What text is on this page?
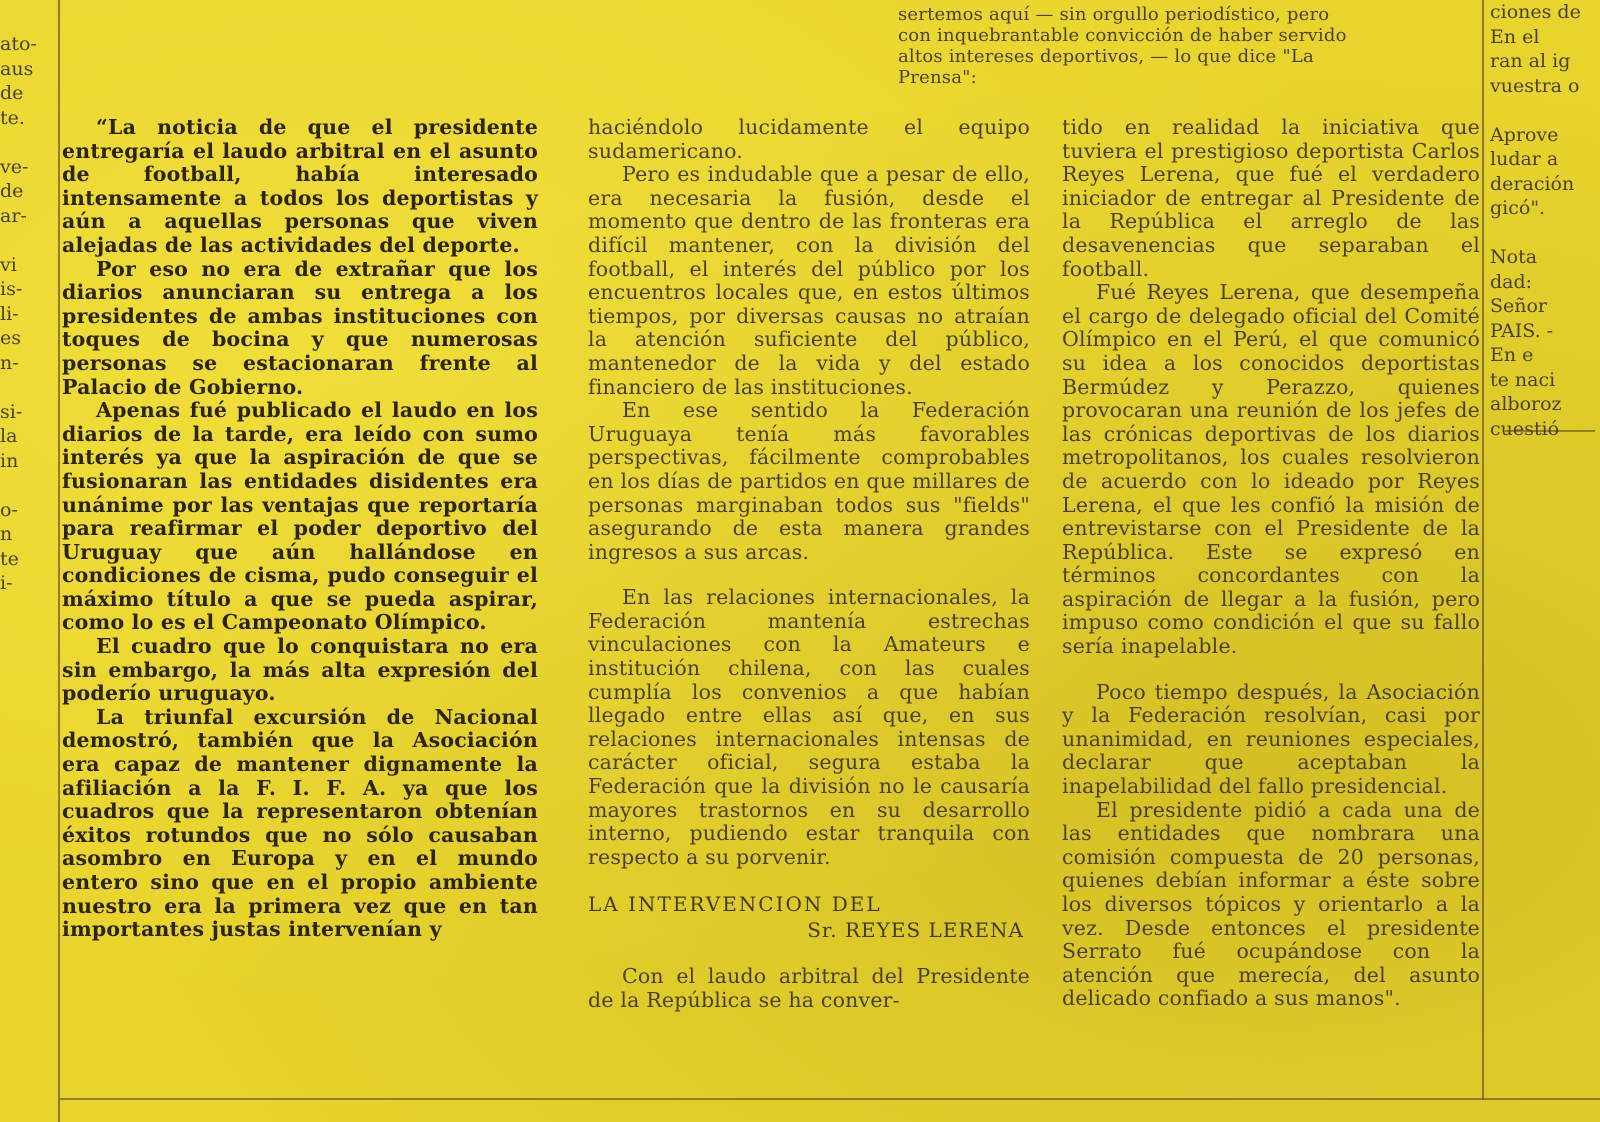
ato-
aus
de
te.
ve-
de
ar-
vi
is-
li-
es
n-
si-
la
in
o-
n
te
i-
ciones de
En el
ran al ig
vuestra o
Aprove
ludar a
deración
gicó".
Nota
dad:
Señor
PAIS. -
En e
te naci
alboroz
cuestió

sertemos aquí — sin orgullo periodístico, pero

con inquebrantable convicción de haber servido

altos intereses deportivos, — lo que dice "La

Prensa":

“La noticia de que el presidente entregaría el laudo arbitral en el asunto de football, había interesado intensamente a todos los deportistas y aún a aquellas personas que viven alejadas de las actividades del deporte.

Por eso no era de extrañar que los diarios anunciaran su entrega a los presidentes de ambas instituciones con toques de bocina y que numerosas personas se estacionaran frente al Palacio de Gobierno.

Apenas fué publicado el laudo en los diarios de la tarde, era leído con sumo interés ya que la aspiración de que se fusionaran las entidades disidentes era unánime por las ventajas que reportaría para reafirmar el poder deportivo del Uruguay que aún hallándose en condiciones de cisma, pudo conseguir el máximo título a que se pueda aspirar, como lo es el Campeonato Olímpico.

El cuadro que lo conquistara no era sin embargo, la más alta expresión del poderío uruguayo.

La triunfal excursión de Nacional demostró, también que la Asociación era capaz de mantener dignamente la afiliación a la F. I. F. A. ya que los cuadros que la representaron obtenían éxitos rotundos que no sólo causaban asombro en Europa y en el mundo entero sino que en el propio ambiente nuestro era la primera vez que en tan importantes justas intervenían y

haciéndolo lucidamente el equipo sudamericano.

Pero es indudable que a pesar de ello, era necesaria la fusión, desde el momento que dentro de las fronteras era difícil mantener, con la división del football, el interés del público por los encuentros locales que, en estos últimos tiempos, por diversas causas no atraían la atención suficiente del público, mantenedor de la vida y del estado financiero de las instituciones.

En ese sentido la Federación Uruguaya tenía más favorables perspectivas, fácilmente comprobables en los días de partidos en que millares de personas marginaban todos sus "fields" asegurando de esta manera grandes ingresos a sus arcas.

En las relaciones internacionales, la Federación mantenía estrechas vinculaciones con la Amateurs e institución chilena, con las cuales cumplía los convenios a que habían llegado entre ellas así que, en sus relaciones internacionales intensas de carácter oficial, segura estaba la Federación que la división no le causaría mayores trastornos en su desarrollo interno, pudiendo estar tranquila con respecto a su porvenir.

LA INTERVENCION DEL
Sr. REYES LERENA

Con el laudo arbitral del Presidente de la República se ha conver-

tido en realidad la iniciativa que tuviera el prestigioso deportista Carlos Reyes Lerena, que fué el verdadero iniciador de entregar al Presidente de la República el arreglo de las desavenencias que separaban el football.

Fué Reyes Lerena, que desempeña el cargo de delegado oficial del Comité Olímpico en el Perú, el que comunicó su idea a los conocidos deportistas Bermúdez y Perazzo, quienes provocaran una reunión de los jefes de las crónicas deportivas de los diarios metropolitanos, los cuales resolvieron de acuerdo con lo ideado por Reyes Lerena, el que les confió la misión de entrevistarse con el Presidente de la República. Este se expresó en términos concordantes con la aspiración de llegar a la fusión, pero impuso como condición el que su fallo sería inapelable.

Poco tiempo después, la Asociación y la Federación resolvían, casi por unanimidad, en reuniones especiales, declarar que aceptaban la inapelabilidad del fallo presidencial.

El presidente pidió a cada una de las entidades que nombrara una comisión compuesta de 20 personas, quienes debían informar a éste sobre los diversos tópicos y orientarlo a la vez. Desde entonces el presidente Serrato fué ocupándose con la atención que merecía, del asunto delicado confiado a sus manos".
